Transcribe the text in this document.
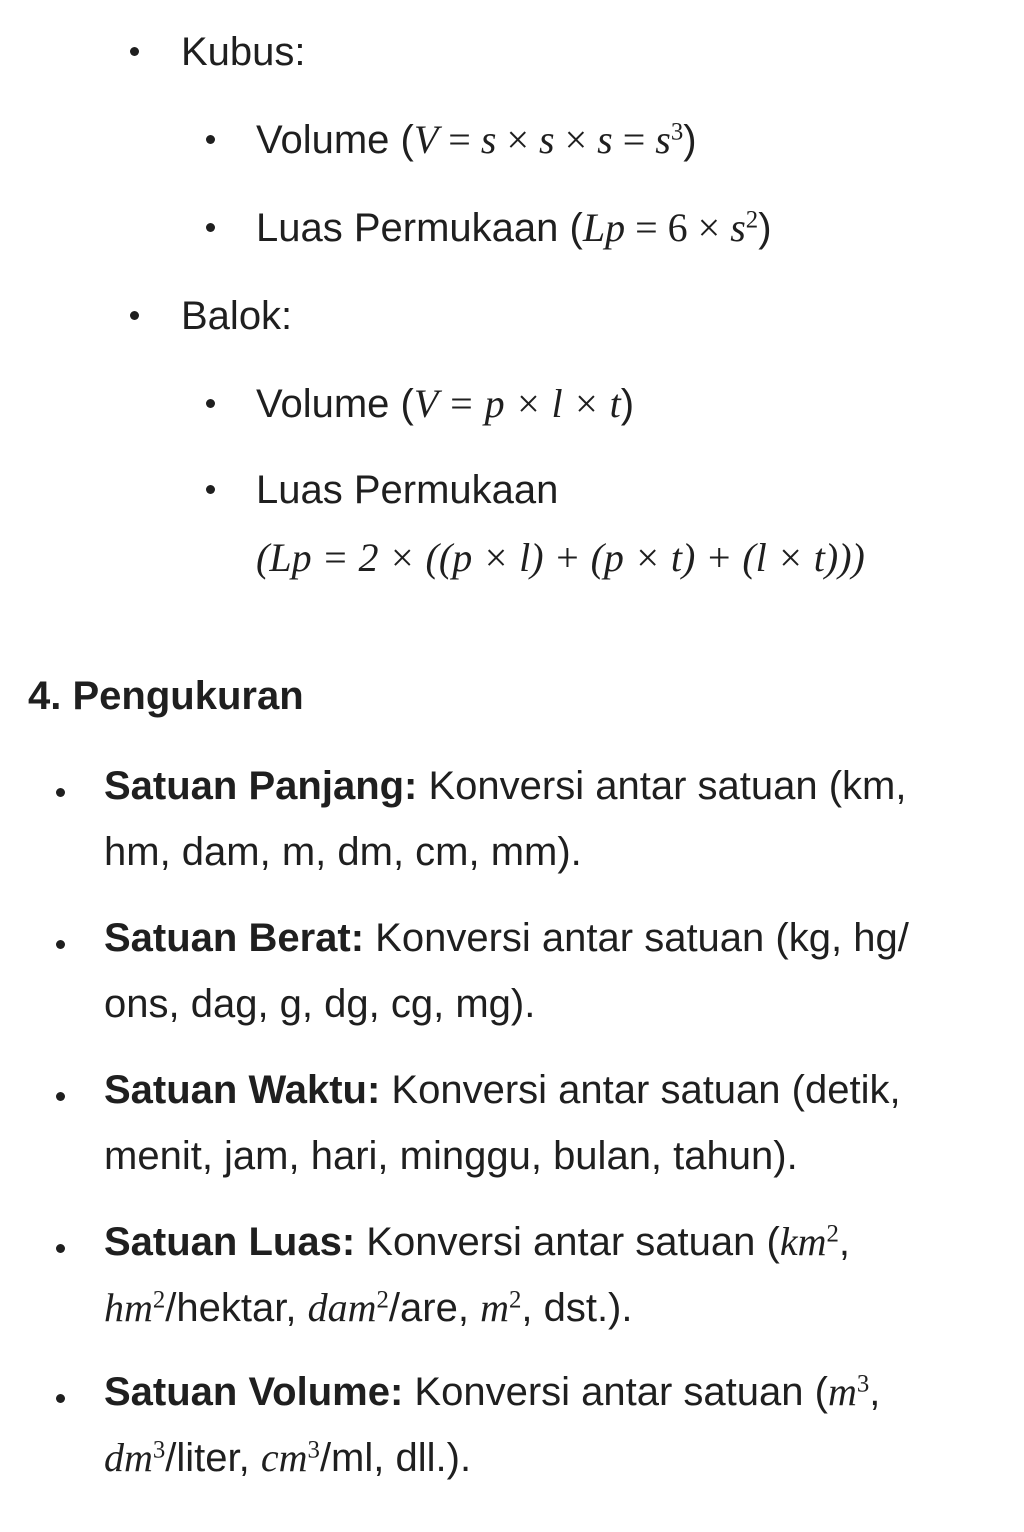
Kubus:
Volume $(V = s \times s \times s = s^3)$
Luas Permukaan $(Lp = 6 \times s^2)$
Balok:
Volume (V = p × l × t)
Luas Permukaan
(Lp = 2 × ((p × l) + (p × t) + (l × t)))
4. Pengukuran
Satuan Panjang: Konversi antar satuan (km,
hm, dam, m, dm, cm, mm).
Satuan Berat: Konversi antar satuan (kg, hg/
ons, dag, g, dg, cg, mg).
Satuan Waktu: Konversi antar satuan (detik,
menit, jam, hari, minggu, bulan, tahun).
Satuan Luas: Konversi antar satuan ($km^2$,
$hm^2$/hektar, dam$^2$/are, $m^2$, dst.).
Satuan Volume: Konversi antar satuan ($m^3$,
$dm^3$/liter, $cm^3/ml$, dll.).
